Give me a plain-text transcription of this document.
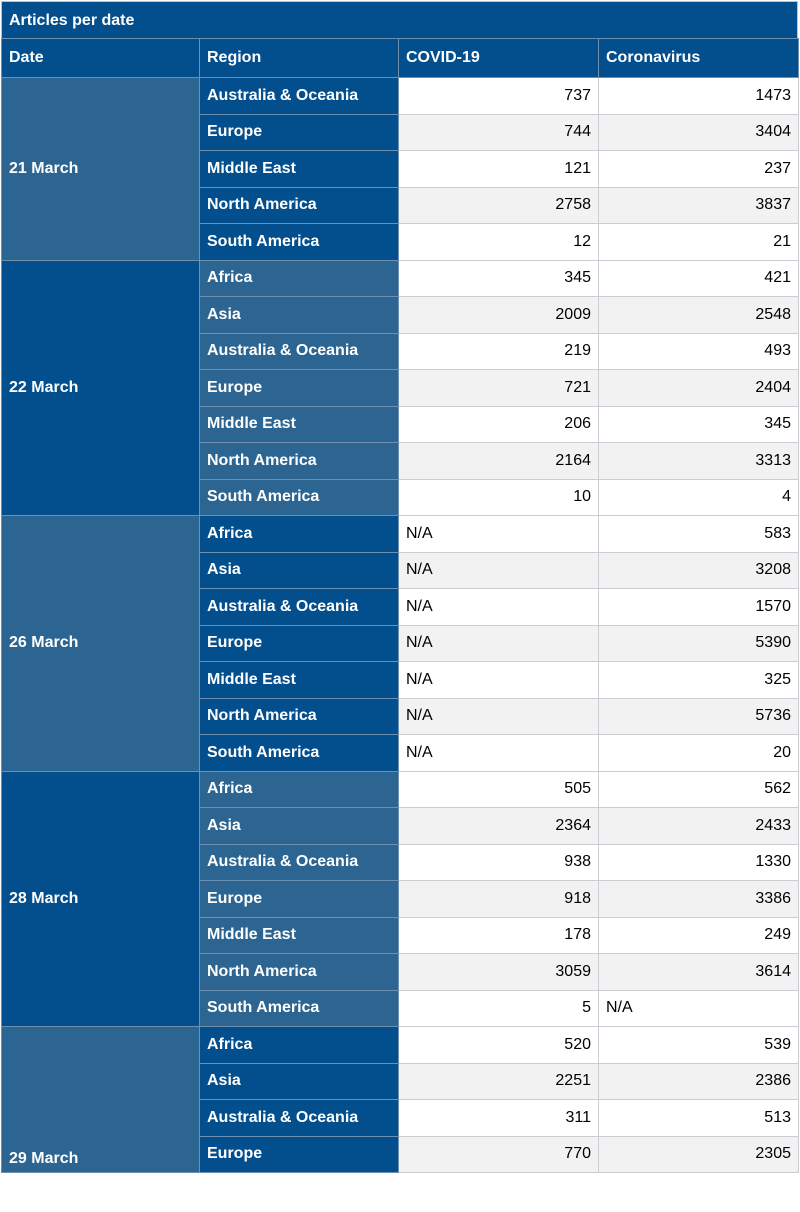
Articles per date
Date	Region	COVID-19	Coronavirus
21 March	Australia & Oceania	737	1473
	Europe	744	3404
	Middle East	121	237
	North America	2758	3837
	South America	12	21
22 March	Africa	345	421
	Asia	2009	2548
	Australia & Oceania	219	493
	Europe	721	2404
	Middle East	206	345
	North America	2164	3313
	South America	10	4
26 March	Africa	N/A	583
	Asia	N/A	3208
	Australia & Oceania	N/A	1570
	Europe	N/A	5390
	Middle East	N/A	325
	North America	N/A	5736
	South America	N/A	20
28 March	Africa	505	562
	Asia	2364	2433
	Australia & Oceania	938	1330
	Europe	918	3386
	Middle East	178	249
	North America	3059	3614
	South America	5	N/A
29 March	Africa	520	539
	Asia	2251	2386
	Australia & Oceania	311	513
	Europe	770	2305
